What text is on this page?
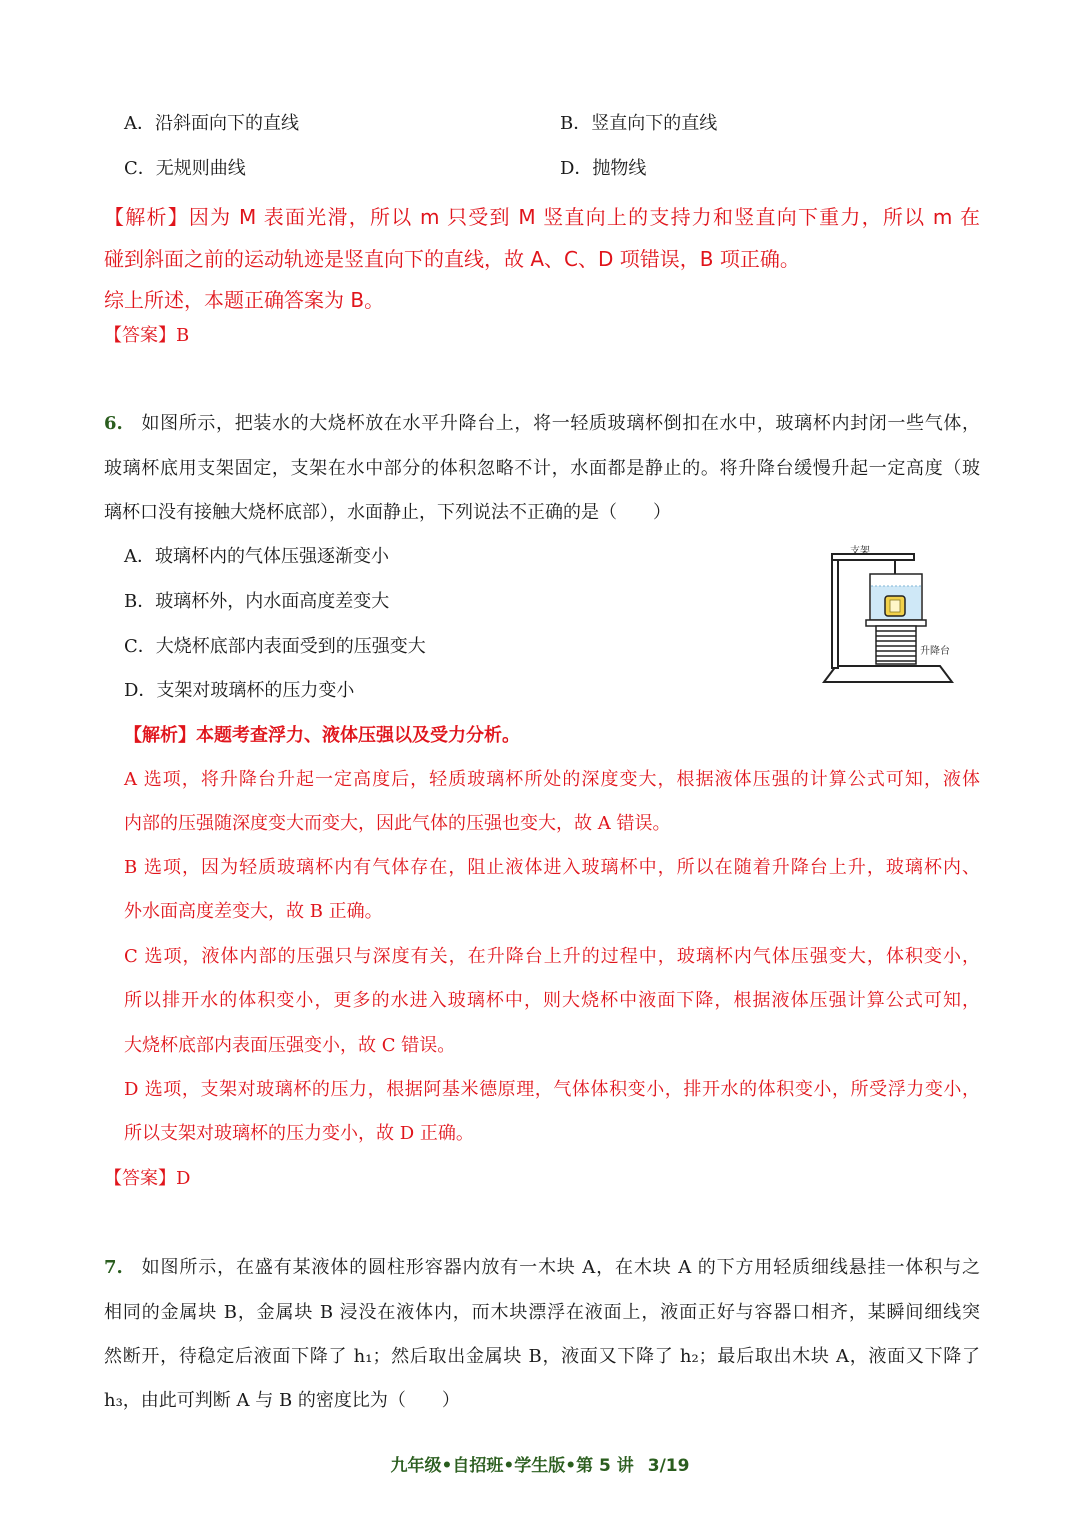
A．沿斜面向下的直线	B．竖直向下的直线
C．无规则曲线	D．抛物线
【解析】因为 M 表面光滑，所以 m 只受到 M 竖直向上的支持力和竖直向下重力，所以 m 在
碰到斜面之前的运动轨迹是竖直向下的直线，故 A、C、D 项错误，B 项正确。
综上所述，本题正确答案为 B。
【答案】B
6. 如图所示，把装水的大烧杯放在水平升降台上，将一轻质玻璃杯倒扣在水中，玻璃杯内封闭一些气体，
玻璃杯底用支架固定，支架在水中部分的体积忽略不计，水面都是静止的。将升降台缓慢升起一定高度（玻
璃杯口没有接触大烧杯底部），水面静止，下列说法不正确的是（　　）
A．玻璃杯内的气体压强逐渐变小
B．玻璃杯外，内水面高度差变大
C．大烧杯底部内表面受到的压强变大
D．支架对玻璃杯的压力变小
支架
升降台
【解析】本题考查浮力、液体压强以及受力分析。
A 选项，将升降台升起一定高度后，轻质玻璃杯所处的深度变大，根据液体压强的计算公式可知，液体
内部的压强随深度变大而变大，因此气体的压强也变大，故 A 错误。
B 选项，因为轻质玻璃杯内有气体存在，阻止液体进入玻璃杯中，所以在随着升降台上升，玻璃杯内、
外水面高度差变大，故 B 正确。
C 选项，液体内部的压强只与深度有关，在升降台上升的过程中，玻璃杯内气体压强变大，体积变小，
所以排开水的体积变小，更多的水进入玻璃杯中，则大烧杯中液面下降，根据液体压强计算公式可知，
大烧杯底部内表面压强变小，故 C 错误。
D 选项，支架对玻璃杯的压力，根据阿基米德原理，气体体积变小，排开水的体积变小，所受浮力变小，
所以支架对玻璃杯的压力变小，故 D 正确。
【答案】D
7. 如图所示，在盛有某液体的圆柱形容器内放有一木块 A，在木块 A 的下方用轻质细线悬挂一体积与之
相同的金属块 B，金属块 B 浸没在液体内，而木块漂浮在液面上，液面正好与容器口相齐，某瞬间细线突
然断开，待稳定后液面下降了 h₁；然后取出金属块 B，液面又下降了 h₂；最后取出木块 A，液面又下降了
h₃，由此可判断 A 与 B 的密度比为（　　）
九年级•自招班•学生版•第 5 讲 3/19
